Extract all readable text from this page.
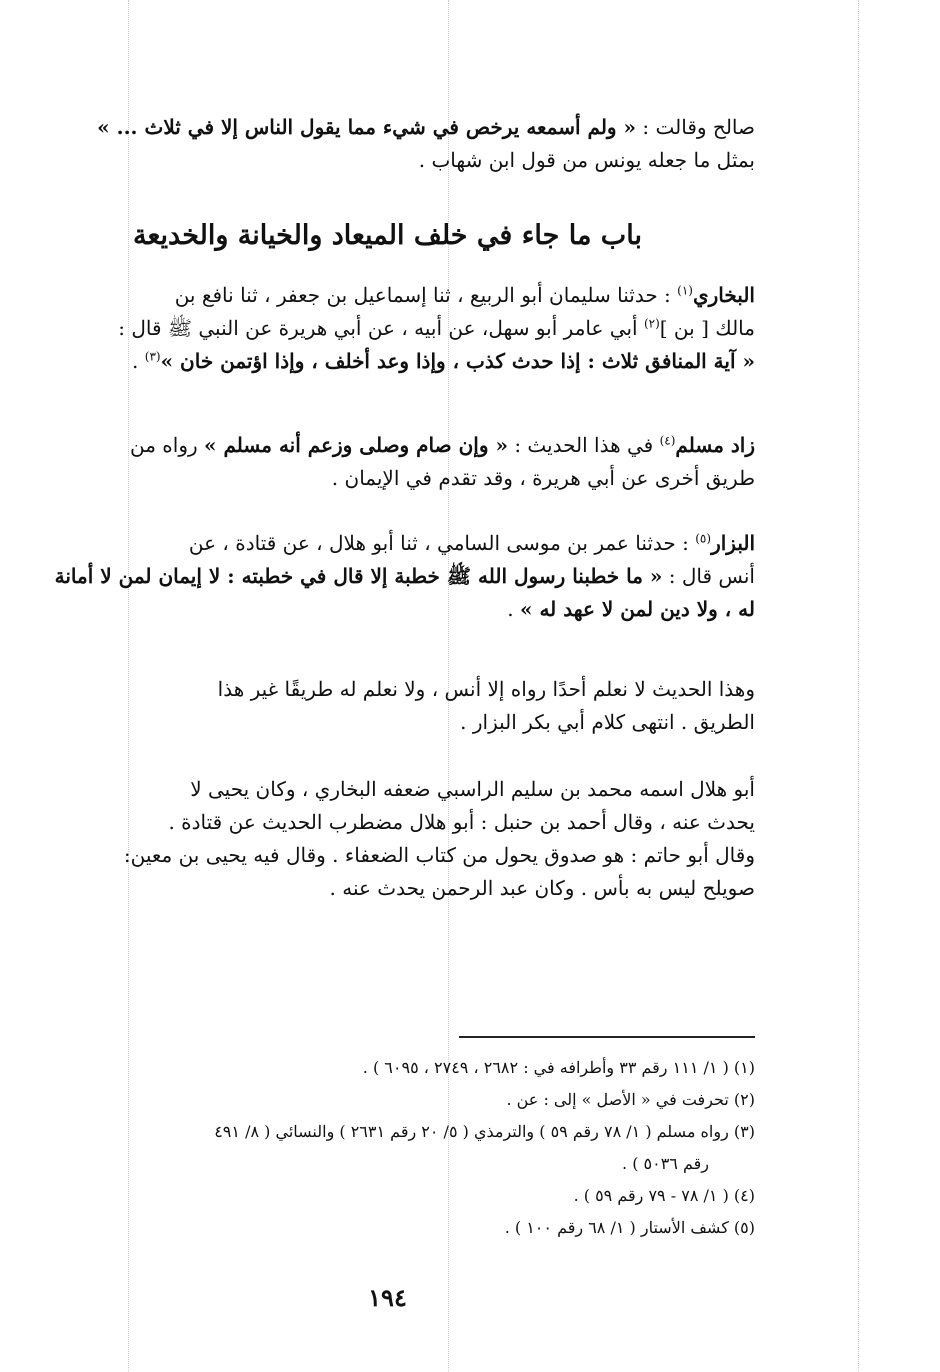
صالح وقالت : « ولم أسمعه يرخص في شيء مما يقول الناس إلا في ثلاث ... »
بمثل ما جعله يونس من قول ابن شهاب .
باب ما جاء في خلف الميعاد والخيانة والخديعة
البخاري$^{(١)}$ : حدثنا سليمان أبو الربيع ، ثنا إسماعيل بن جعفر ، ثنا نافع بن
مالك [ بن ]$^{(٢)}$ أبي عامر أبو سهل، عن أبيه ، عن أبي هريرة عن النبي ﷺ قال :
« آية المنافق ثلاث : إذا حدث كذب ، وإذا وعد أخلف ، وإذا اؤتمن خان »$^{(٣)}$ .
زاد مسلم$^{(٤)}$ في هذا الحديث : « وإن صام وصلى وزعم أنه مسلم » رواه من
طريق أخرى عن أبي هريرة ، وقد تقدم في الإيمان .
البزار$^{(٥)}$ : حدثنا عمر بن موسى السامي ، ثنا أبو هلال ، عن قتادة ، عن
أنس قال : « ما خطبنا رسول الله ﷺ خطبة إلا قال في خطبته : لا إيمان لمن لا أمانة
له ، ولا دين لمن لا عهد له » .
وهذا الحديث لا نعلم أحدًا رواه إلا أنس ، ولا نعلم له طريقًا غير هذا
الطريق . انتهى كلام أبي بكر البزار .
أبو هلال اسمه محمد بن سليم الراسبي ضعفه البخاري ، وكان يحيى لا
يحدث عنه ، وقال أحمد بن حنبل : أبو هلال مضطرب الحديث عن قتادة .
وقال أبو حاتم : هو صدوق يحول من كتاب الضعفاء . وقال فيه يحيى بن معين:
صويلح ليس به بأس . وكان عبد الرحمن يحدث عنه .
(١) ( ١/ ١١١ رقم ٣٣ وأطرافه في : ٢٦٨٢ ، ٢٧٤٩ ، ٦٠٩٥ ) .
(٢) تحرفت في « الأصل » إلى : عن .
(٣) رواه مسلم ( ١/ ٧٨ رقم ٥٩ ) والترمذي ( ٥/ ٢٠ رقم ٢٦٣١ ) والنسائي ( ٨/ ٤٩١
رقم ٥٠٣٦ ) .
(٤) ( ١/ ٧٨ - ٧٩ رقم ٥٩ ) .
(٥) كشف الأستار ( ١/ ٦٨ رقم ١٠٠ ) .
١٩٤
